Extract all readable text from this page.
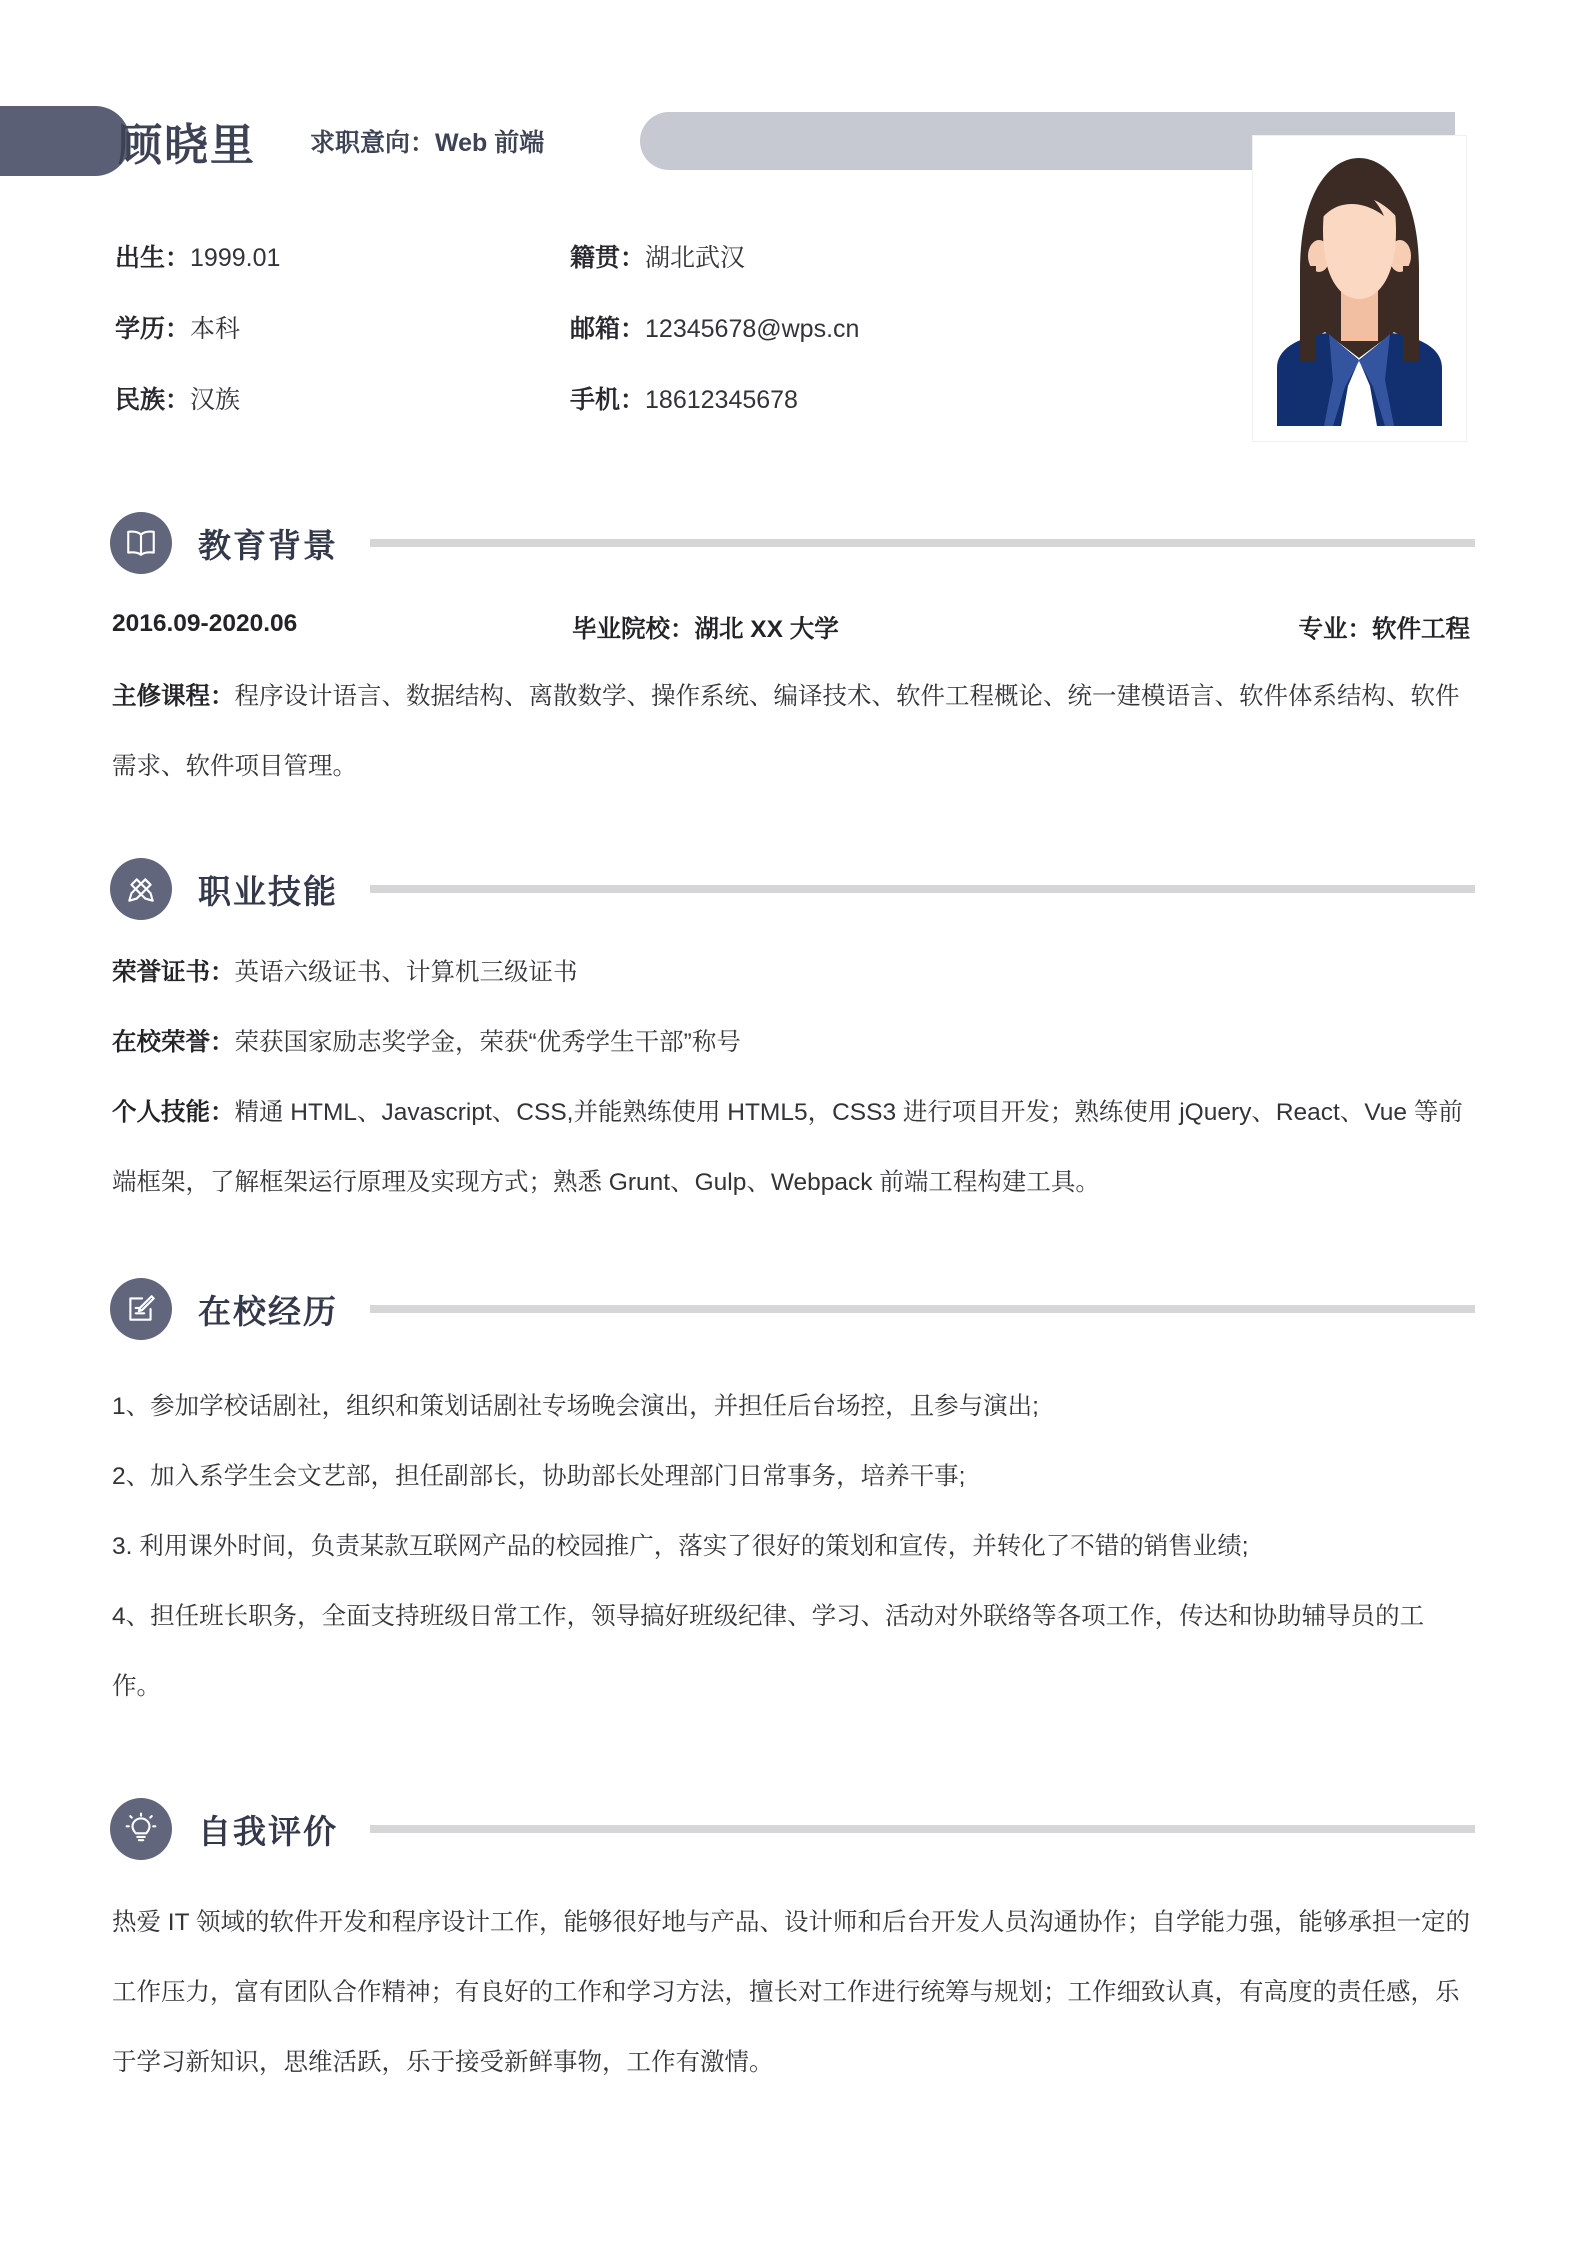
顾晓里 求职意向：Web 前端
出生：1999.01	籍贯：湖北武汉
学历：本科	邮箱：12345678@wps.cn
民族：汉族	手机：18612345678
教育背景
2016.09-2020.06	毕业院校：湖北 XX 大学	专业：软件工程
主修课程：程序设计语言、数据结构、离散数学、操作系统、编译技术、软件工程概论、统一建模语言、软件体系结构、软件需求、软件项目管理。
职业技能
荣誉证书：英语六级证书、计算机三级证书
在校荣誉：荣获国家励志奖学金，荣获“优秀学生干部”称号
个人技能：精通 HTML、Javascript、CSS,并能熟练使用 HTML5，CSS3 进行项目开发；熟练使用 jQuery、React、Vue 等前端框架，了解框架运行原理及实现方式；熟悉 Grunt、Gulp、Webpack 前端工程构建工具。
在校经历
1、参加学校话剧社，组织和策划话剧社专场晚会演出，并担任后台场控，且参与演出;
2、加入系学生会文艺部，担任副部长，协助部长处理部门日常事务，培养干事;
3. 利用课外时间，负责某款互联网产品的校园推广，落实了很好的策划和宣传，并转化了不错的销售业绩;
4、担任班长职务，全面支持班级日常工作，领导搞好班级纪律、学习、活动对外联络等各项工作，传达和协助辅导员的工作。
自我评价
热爱 IT 领域的软件开发和程序设计工作，能够很好地与产品、设计师和后台开发人员沟通协作；自学能力强，能够承担一定的工作压力，富有团队合作精神；有良好的工作和学习方法，擅长对工作进行统筹与规划；工作细致认真，有高度的责任感，乐于学习新知识，思维活跃，乐于接受新鲜事物，工作有激情。
